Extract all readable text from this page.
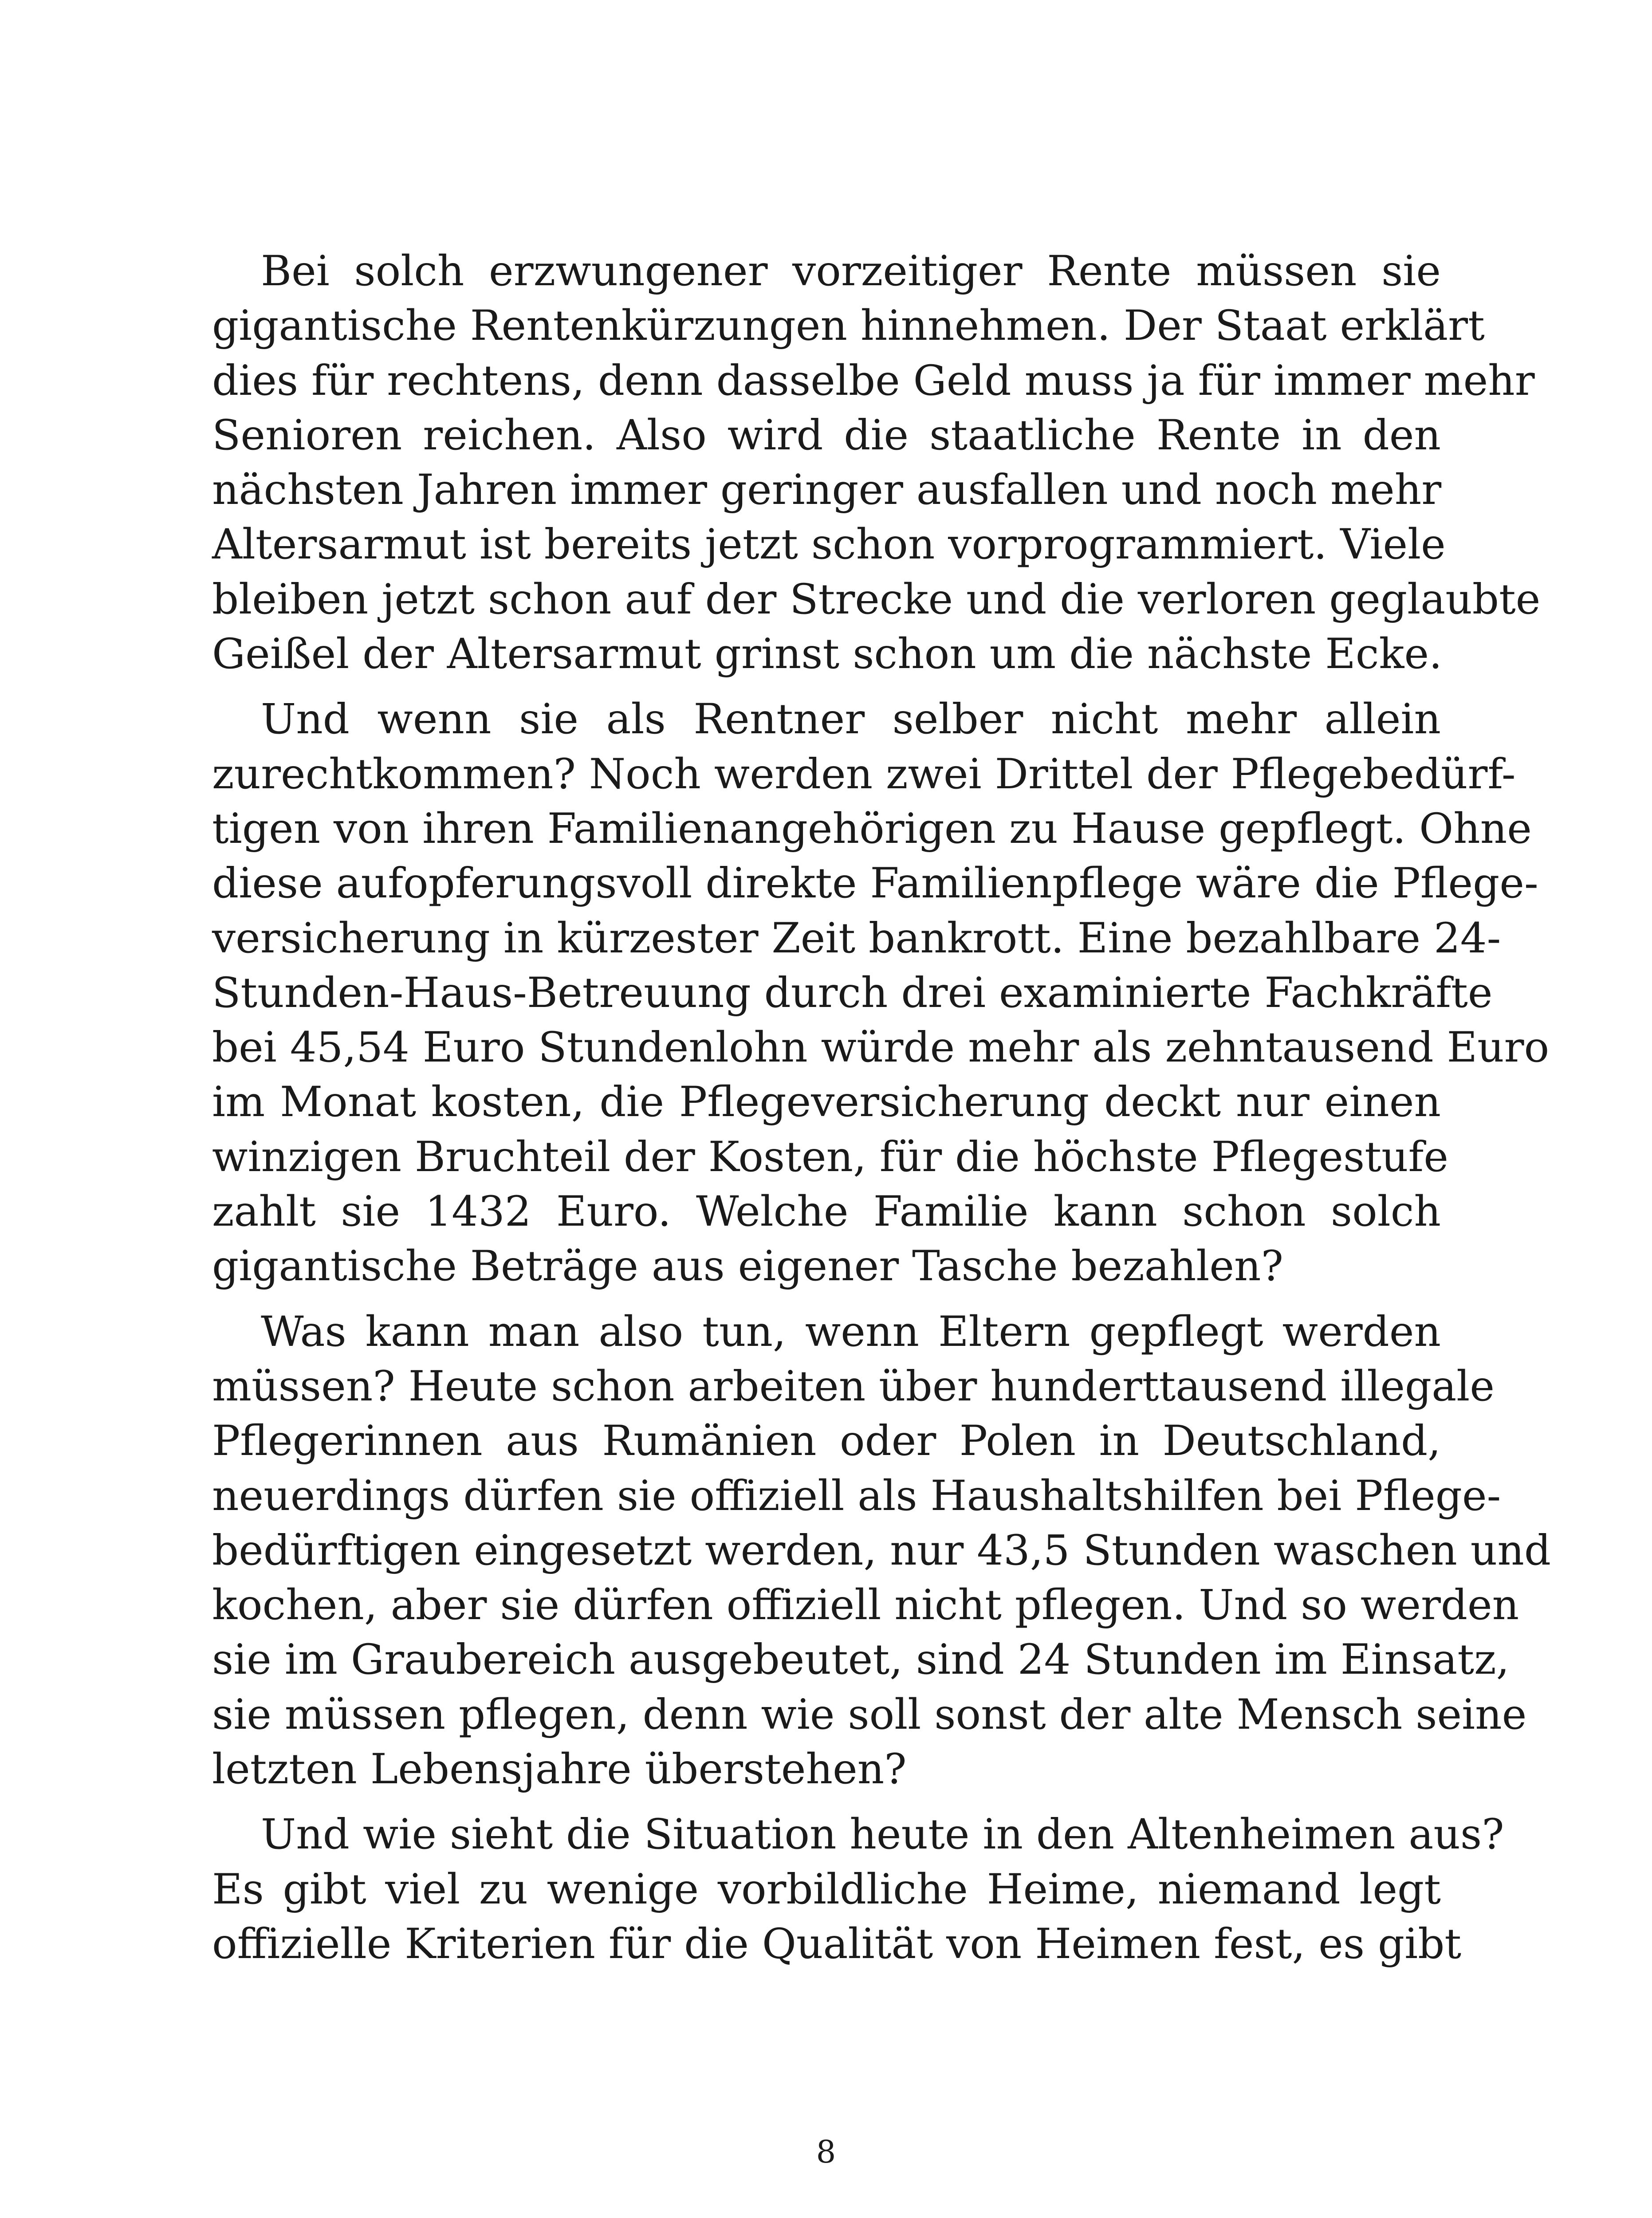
Bei solch erzwungener vorzeitiger Rente müssen sie
gigantische Rentenkürzungen hinnehmen. Der Staat erklärt
dies für rechtens, denn dasselbe Geld muss ja für immer mehr
Senioren reichen. Also wird die staatliche Rente in den
nächsten Jahren immer geringer ausfallen und noch mehr
Altersarmut ist bereits jetzt schon vorprogrammiert. Viele
bleiben jetzt schon auf der Strecke und die verloren geglaubte
Geißel der Altersarmut grinst schon um die nächste Ecke.

Und wenn sie als Rentner selber nicht mehr allein
zurechtkommen? Noch werden zwei Drittel der Pflegebedürf-
tigen von ihren Familienangehörigen zu Hause gepflegt. Ohne
diese aufopferungsvoll direkte Familienpflege wäre die Pflege-
versicherung in kürzester Zeit bankrott. Eine bezahlbare 24-
Stunden-Haus-Betreuung durch drei examinierte Fachkräfte
bei 45,54 Euro Stundenlohn würde mehr als zehntausend Euro
im Monat kosten, die Pflegeversicherung deckt nur einen
winzigen Bruchteil der Kosten, für die höchste Pflegestufe
zahlt sie 1432 Euro. Welche Familie kann schon solch
gigantische Beträge aus eigener Tasche bezahlen?

Was kann man also tun, wenn Eltern gepflegt werden
müssen? Heute schon arbeiten über hunderttausend illegale
Pflegerinnen aus Rumänien oder Polen in Deutschland,
neuerdings dürfen sie offiziell als Haushaltshilfen bei Pflege-
bedürftigen eingesetzt werden, nur 43,5 Stunden waschen und
kochen, aber sie dürfen offiziell nicht pflegen. Und so werden
sie im Graubereich ausgebeutet, sind 24 Stunden im Einsatz,
sie müssen pflegen, denn wie soll sonst der alte Mensch seine
letzten Lebensjahre überstehen?

Und wie sieht die Situation heute in den Altenheimen aus?
Es gibt viel zu wenige vorbildliche Heime, niemand legt
offizielle Kriterien für die Qualität von Heimen fest, es gibt

8
